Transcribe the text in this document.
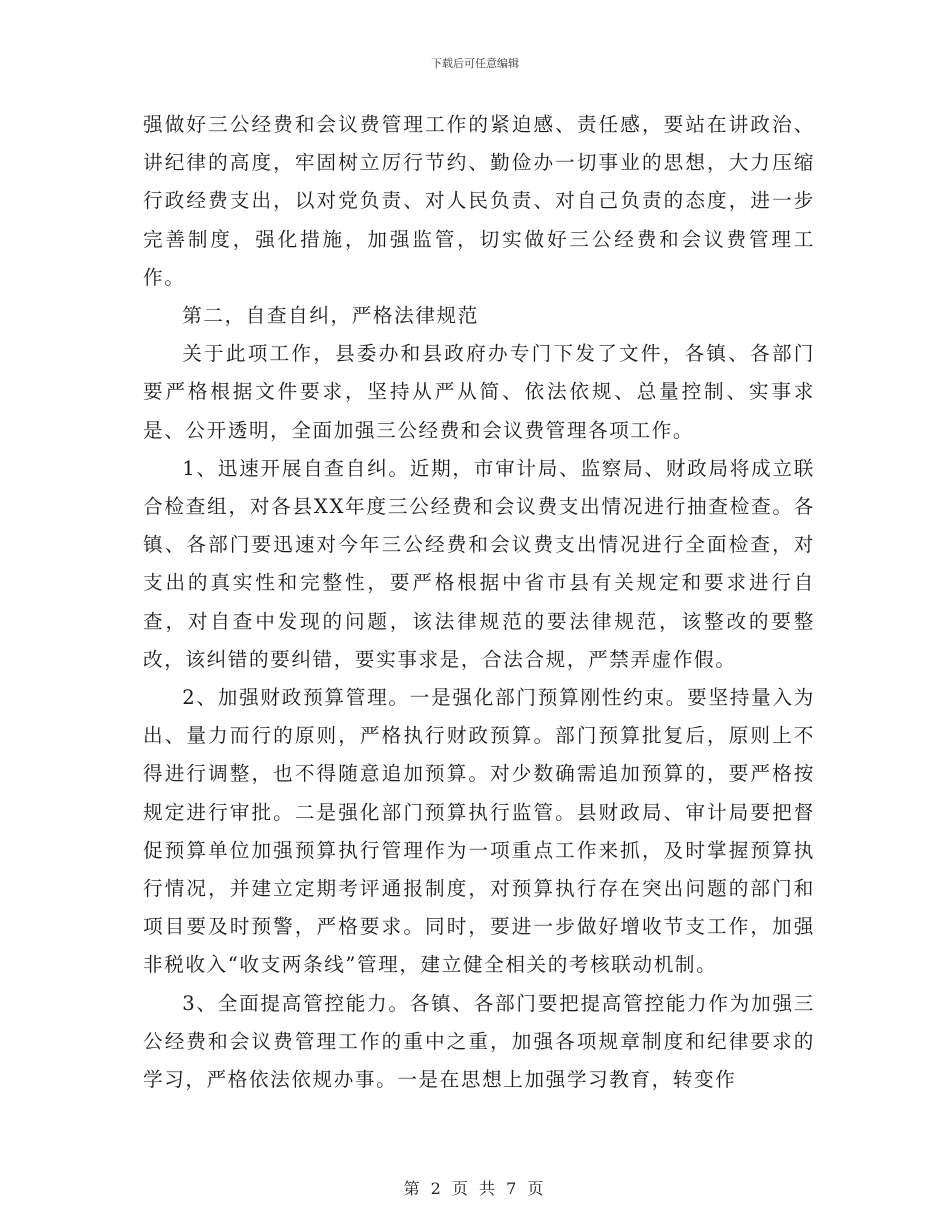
下载后可任意编辑

强做好三公经费和会议费管理工作的紧迫感、责任感，要站在讲政治、讲纪律的高度，牢固树立厉行节约、勤俭办一切事业的思想，大力压缩行政经费支出，以对党负责、对人民负责、对自己负责的态度，进一步完善制度，强化措施，加强监管，切实做好三公经费和会议费管理工作。

第二，自查自纠，严格法律规范

关于此项工作，县委办和县政府办专门下发了文件，各镇、各部门要严格根据文件要求，坚持从严从简、依法依规、总量控制、实事求是、公开透明，全面加强三公经费和会议费管理各项工作。

1、迅速开展自查自纠。近期，市审计局、监察局、财政局将成立联合检查组，对各县XX年度三公经费和会议费支出情况进行抽查检查。各镇、各部门要迅速对今年三公经费和会议费支出情况进行全面检查，对支出的真实性和完整性，要严格根据中省市县有关规定和要求进行自查，对自查中发现的问题，该法律规范的要法律规范，该整改的要整改，该纠错的要纠错，要实事求是，合法合规，严禁弄虚作假。

2、加强财政预算管理。一是强化部门预算刚性约束。要坚持量入为出、量力而行的原则，严格执行财政预算。部门预算批复后，原则上不得进行调整，也不得随意追加预算。对少数确需追加预算的，要严格按规定进行审批。二是强化部门预算执行监管。县财政局、审计局要把督促预算单位加强预算执行管理作为一项重点工作来抓，及时掌握预算执行情况，并建立定期考评通报制度，对预算执行存在突出问题的部门和项目要及时预警，严格要求。同时，要进一步做好增收节支工作，加强非税收入“收支两条线”管理，建立健全相关的考核联动机制。

3、全面提高管控能力。各镇、各部门要把提高管控能力作为加强三公经费和会议费管理工作的重中之重，加强各项规章制度和纪律要求的学习，严格依法依规办事。一是在思想上加强学习教育，转变作

第 2 页 共 7 页
